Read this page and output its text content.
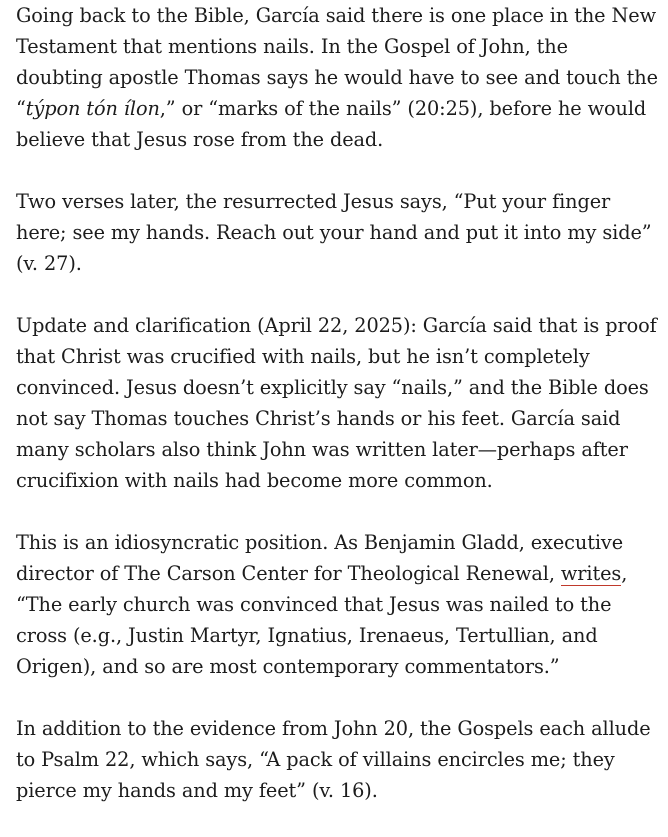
Going back to the Bible, García said there is one place in the New Testament that mentions nails. In the Gospel of John, the doubting apostle Thomas says he would have to see and touch the “týpon tón ílon,” or “marks of the nails” (20:25), before he would believe that Jesus rose from the dead.

Two verses later, the resurrected Jesus says, “Put your finger here; see my hands. Reach out your hand and put it into my side” (v. 27).

Update and clarification (April 22, 2025): García said that is proof that Christ was crucified with nails, but he isn’t completely convinced. Jesus doesn’t explicitly say “nails,” and the Bible does not say Thomas touches Christ’s hands or his feet. García said many scholars also think John was written later—perhaps after crucifixion with nails had become more common.

This is an idiosyncratic position. As Benjamin Gladd, executive director of The Carson Center for Theological Renewal, writes, “The early church was convinced that Jesus was nailed to the cross (e.g., Justin Martyr, Ignatius, Irenaeus, Tertullian, and Origen), and so are most contemporary commentators.”

In addition to the evidence from John 20, the Gospels each allude to Psalm 22, which says, “A pack of villains encircles me; they pierce my hands and my feet” (v. 16).
